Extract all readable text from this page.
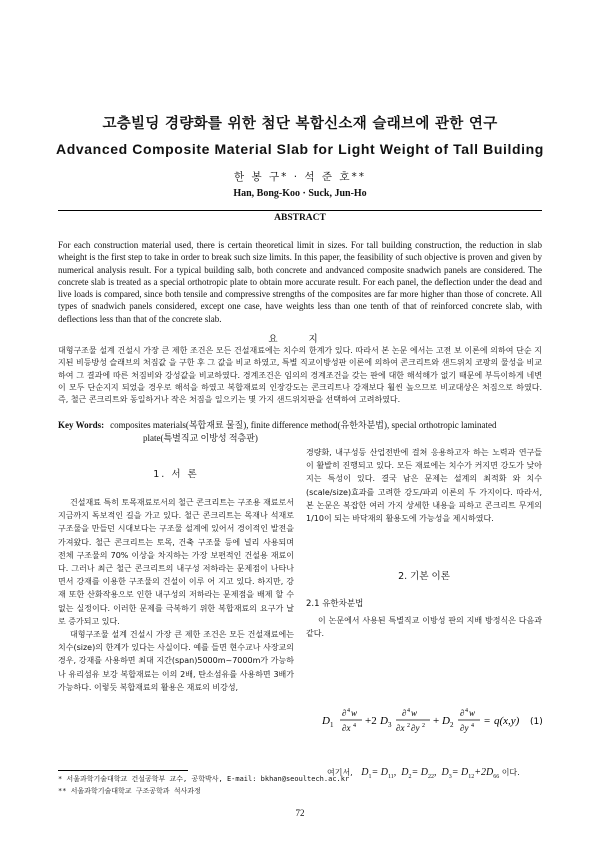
고층빌딩 경량화를 위한 첨단 복합신소재 슬래브에 관한 연구
Advanced Composite Material Slab for Light Weight of Tall Building
한 봉 구* · 석 준 호**
Han, Bong-Koo · Suck, Jun-Ho
ABSTRACT

For each construction material used, there is certain theoretical limit in sizes. For tall building construction, the reduction in slab wheight is the first step to take in order to break such size limits. In this paper, the feasibility of such objective is proven and given by numerical analysis result. For a typical building salb, both concrete and andvanced composite snadwich panels are considered. The concrete slab is treated as a special orthotropic plate to obtain more accurate result. For each panel, the deflection under the dead and live loads is compared, since both tensile and compressive strengths of the composites are far more higher than those of concrete. All types of snadwich panels considered, except one case, have weights less than one tenth of that of reinforced concrete slab, with deflections less than that of the concrete slab.

요 지

대형구조물 설계 건설시 가장 큰 제한 조건은 모든 건설재료에는 치수의 한계가 있다. 따라서 본 논문 에서는 고전 보 이론에 의하여 단순 지지된 비등방성 슬래브의 처짐값 을 구한 후 그 값을 비교 하였고, 특별 직교이방성판 이론에 의하여 콘크리트와 샌드위치 코팡의 물성을 비교하여 그 결과에 따른 처짐비와 강성값을 비교하였다. 경계조건은 임의의 경계조건을 갖는 판에 대한 해석해가 없기 때문에 부득이하게 네변이 모두 단순지지 되었을 경우로 해석을 하였고 복합재료의 인장강도는 콘크리트나 강재보다 훨씬 높으므로 비교대상은 처짐으로 하였다. 즉, 철근 콘크리트와 동일하거나 작은 처짐을 일으키는 몇 가지 샌드위치판을 선택하여 고려하였다.

Key Words: composites materials(복합재료 물질), finite difference method(유한차분법), special orthotropic laminated
plate(특별직교 이방성 적층판)

1. 서 론

건설재료 특히 토목재료로서의 철근 콘크리트는 구조용 재료로서 지금까지 독보적인 길을 가고 있다. 철근 콘크리트는 목재나 석재로 구조물을 만들던 시대보다는 구조물 설계에 있어서 경이적인 발전을 가져왔다. 철근 콘크리트는 토목, 건축 구조물 등에 널리 사용되며 전체 구조물의 70% 이상을 차지하는 가장 보편적인 건설용 재료이다. 그러나 최근 철근 콘크리트의 내구성 저하라는 문제점이 나타나면서 강재를 이용한 구조물의 건설이 이루 어 지고 있다. 하지만, 강재 또한 산화작용으로 인한 내구성의 저하라는 문제점을 배제 할 수 없는 실정이다. 이러한 문제를 극복하기 위한 복합재료의 요구가 날로 증가되고 있다.
대형구조물 설계 건설시 가장 큰 제한 조건은 모든 건설재료에는 치수(size)의 한계가 있다는 사실이다. 예를 들면 현수교나 사장교의 경우, 강재를 사용하면 최대 지간(span)5000m~7000m가 가능하나 유리섬유 보강 복합재료는 이의 2배, 탄소섬유를 사용하면 3배가 가능하다. 이렇듯 복합재료의 활용은 재료의 비강성,

경량화, 내구성등 산업전반에 걸쳐 응용하고자 하는 노력과 연구들이 활발히 진행되고 있다. 모든 재료에는 치수가 커지면 강도가 낮아지는 특성이 있다. 결국 남은 문제는 설계의 최적화 와 치수(scale/size)효과를 고려한 강도/파괴 이론의 두 가지이다. 따라서, 본 논문은 복잡한 여러 가지 상세한 내용을 피하고 콘크리트 무게의 1/10이 되는 바닥재의 활용도에 가능성을 제시하였다.

2. 기본 이론
2.1 유한차분법

이 논문에서 사용된 특별직교 이방성 판의 지배 방정식은 다음과 같다.

D 1
∂ 4 w
∂x 4 +2 D 3
∂ 4 w
∂x 2 ∂y 2 + D 2
∂ 4 w
∂y 4 = q(x,y) (1)
여기서, $D_1= D_{11}$,  $D_2= D_{22}$,  $D_3= D_{12}+2D_{66}$ 이다.
* 서울과학기술대학교 건설공학부 교수, 공학박사, E-mail: bkhan@seoultech.ac.kr
** 서울과학기술대학교 구조공학과 석사과정
72
